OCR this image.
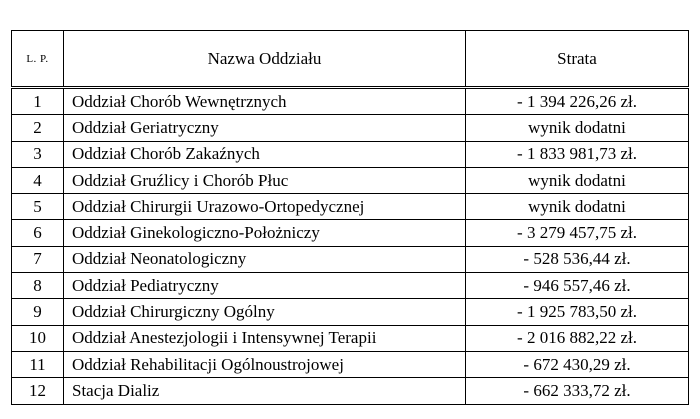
L. P.	Nazwa Oddziału	Strata
1	Oddział Chorób Wewnętrznych	- 1 394 226,26 zł.
2	Oddział Geriatryczny	wynik dodatni
3	Oddział Chorób Zakaźnych	- 1 833 981,73 zł.
4	Oddział Gruźlicy i Chorób Płuc	wynik dodatni
5	Oddział Chirurgii Urazowo-Ortopedycznej	wynik dodatni
6	Oddział Ginekologiczno-Położniczy	- 3 279 457,75 zł.
7	Oddział Neonatologiczny	- 528 536,44 zł.
8	Oddział Pediatryczny	- 946 557,46 zł.
9	Oddział Chirurgiczny Ogólny	- 1 925 783,50 zł.
10	Oddział Anestezjologii i Intensywnej Terapii	- 2 016 882,22 zł.
11	Oddział Rehabilitacji Ogólnoustrojowej	- 672 430,29 zł.
12	Stacja Dializ	- 662 333,72 zł.
